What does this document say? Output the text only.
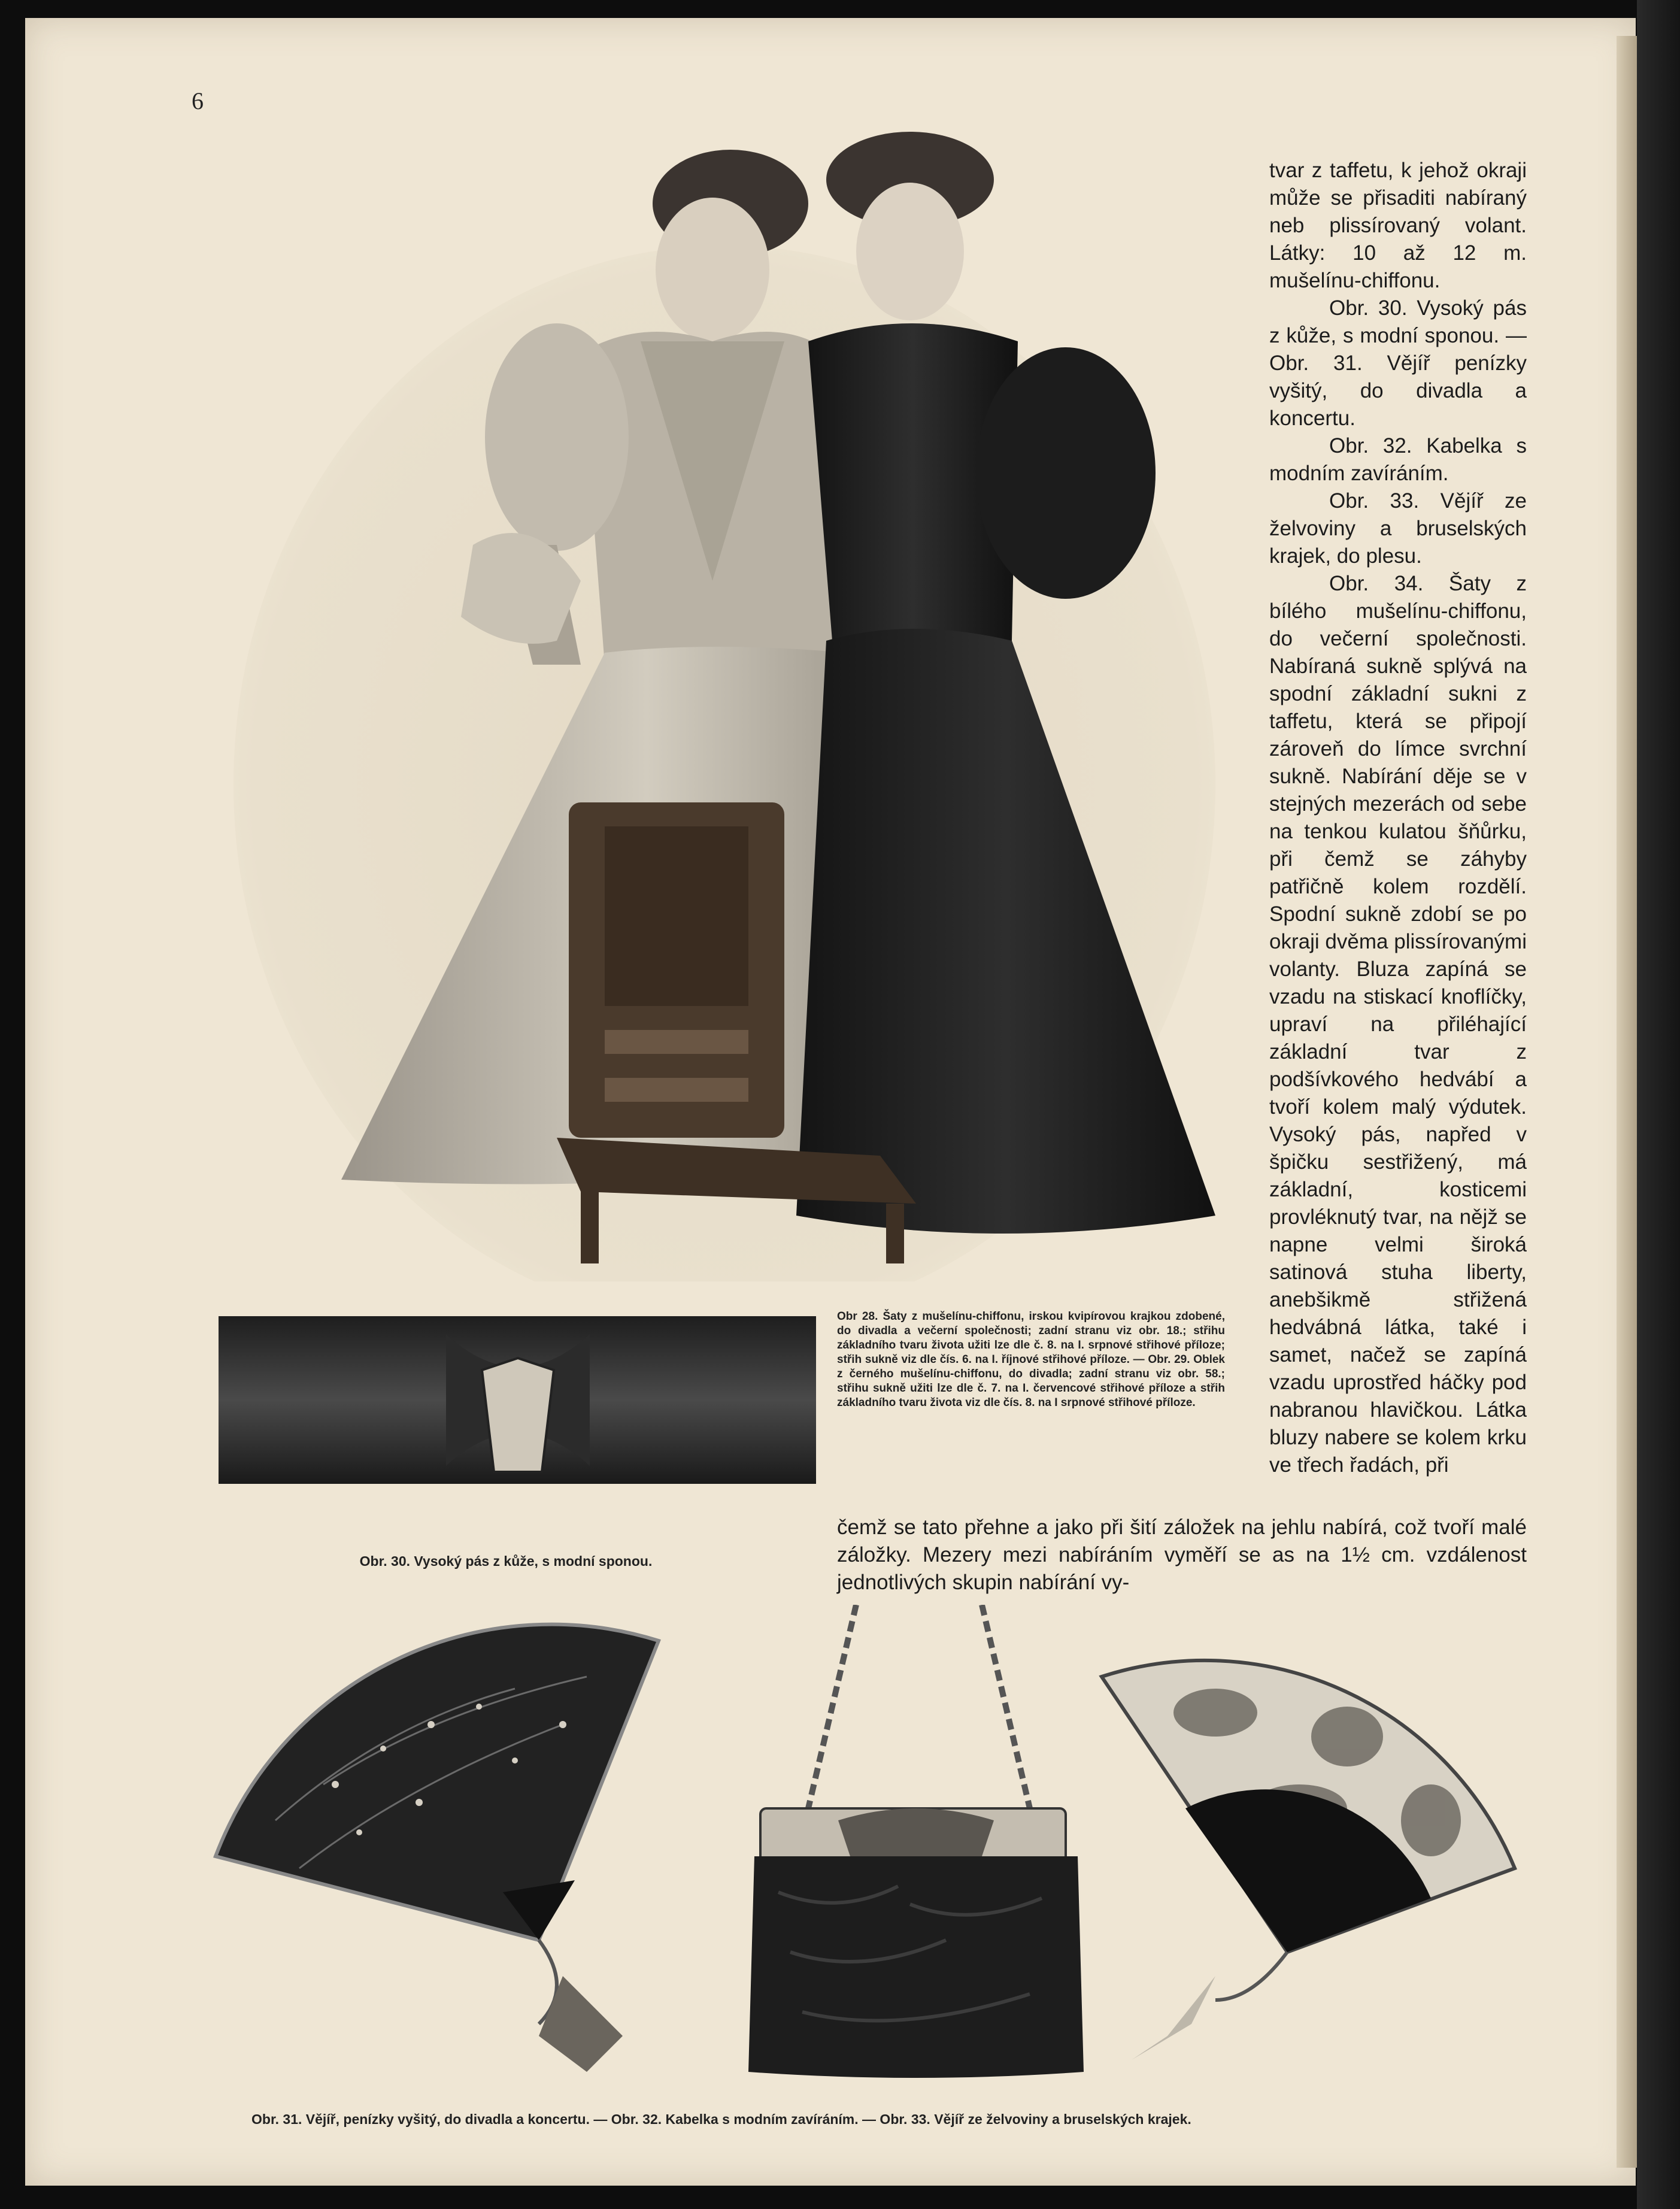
6

tvar z taffetu, k jehož okraji může se přisaditi nabíraný neb plissírovaný volant. Látky: 10 až 12 m. mušelínu-chiffonu.

Obr. 30. Vysoký pás z kůže, s modní sponou. — Obr. 31. Vějíř penízky vyšitý, do divadla a koncertu.

Obr. 32. Kabelka s modním zavíráním.

Obr. 33. Vějíř ze želvoviny a bruselských krajek, do plesu.

Obr. 34. Šaty z bílého mušelínu-chiffonu, do večerní společnosti. Nabíraná sukně splývá na spodní základní sukni z taffetu, která se připojí zároveň do límce svrchní sukně. Nabírání děje se v stejných mezerách od sebe na tenkou kulatou šňůrku, při čemž se záhyby patřičně kolem rozdělí. Spodní sukně zdobí se po okraji dvěma plissírovanými volanty. Bluza zapíná se vzadu na stiskací knoflíčky, upraví na přiléhající základní tvar z podšívkového hedvábí a tvoří kolem malý výdutek. Vysoký pás, napřed v špičku sestřižený, má základní, kosticemi provléknutý tvar, na nějž se napne velmi široká satinová stuha liberty, anebšikmě střižená hedvábná látka, také i samet, načež se zapíná vzadu uprostřed háčky pod nabranou hlavičkou. Látka bluzy nabere se kolem krku ve třech řadách, při

čemž se tato přehne a jako při šití záložek na jehlu nabírá, což tvoří malé záložky. Mezery mezi nabíráním vyměří se as na 1½ cm. vzdálenost jednotlivých skupin nabírání vy-
Obr 28. Šaty z mušelínu-chiffonu, irskou kvipírovou krajkou zdobené, do divadla a večerní společnosti; zadní stranu viz obr. 18.; střihu základního tvaru života užiti lze dle č. 8. na I. srpnové střihové příloze; střih sukně viz dle čís. 6. na I. říjnové střihové příloze. — Obr. 29. Oblek z černého mušelínu-chiffonu, do divadla; zadní stranu viz obr. 58.; střihu sukně užiti lze dle č. 7. na I. červencové střihové příloze a střih základního tvaru života viz dle čís. 8. na I srpnové střihové příloze.
Obr. 30. Vysoký pás z kůže, s modní sponou.
Obr. 31. Vějíř, penízky vyšitý, do divadla a koncertu. — Obr. 32. Kabelka s modním zavíráním. — Obr. 33. Vějíř ze želvoviny a bruselských krajek.
